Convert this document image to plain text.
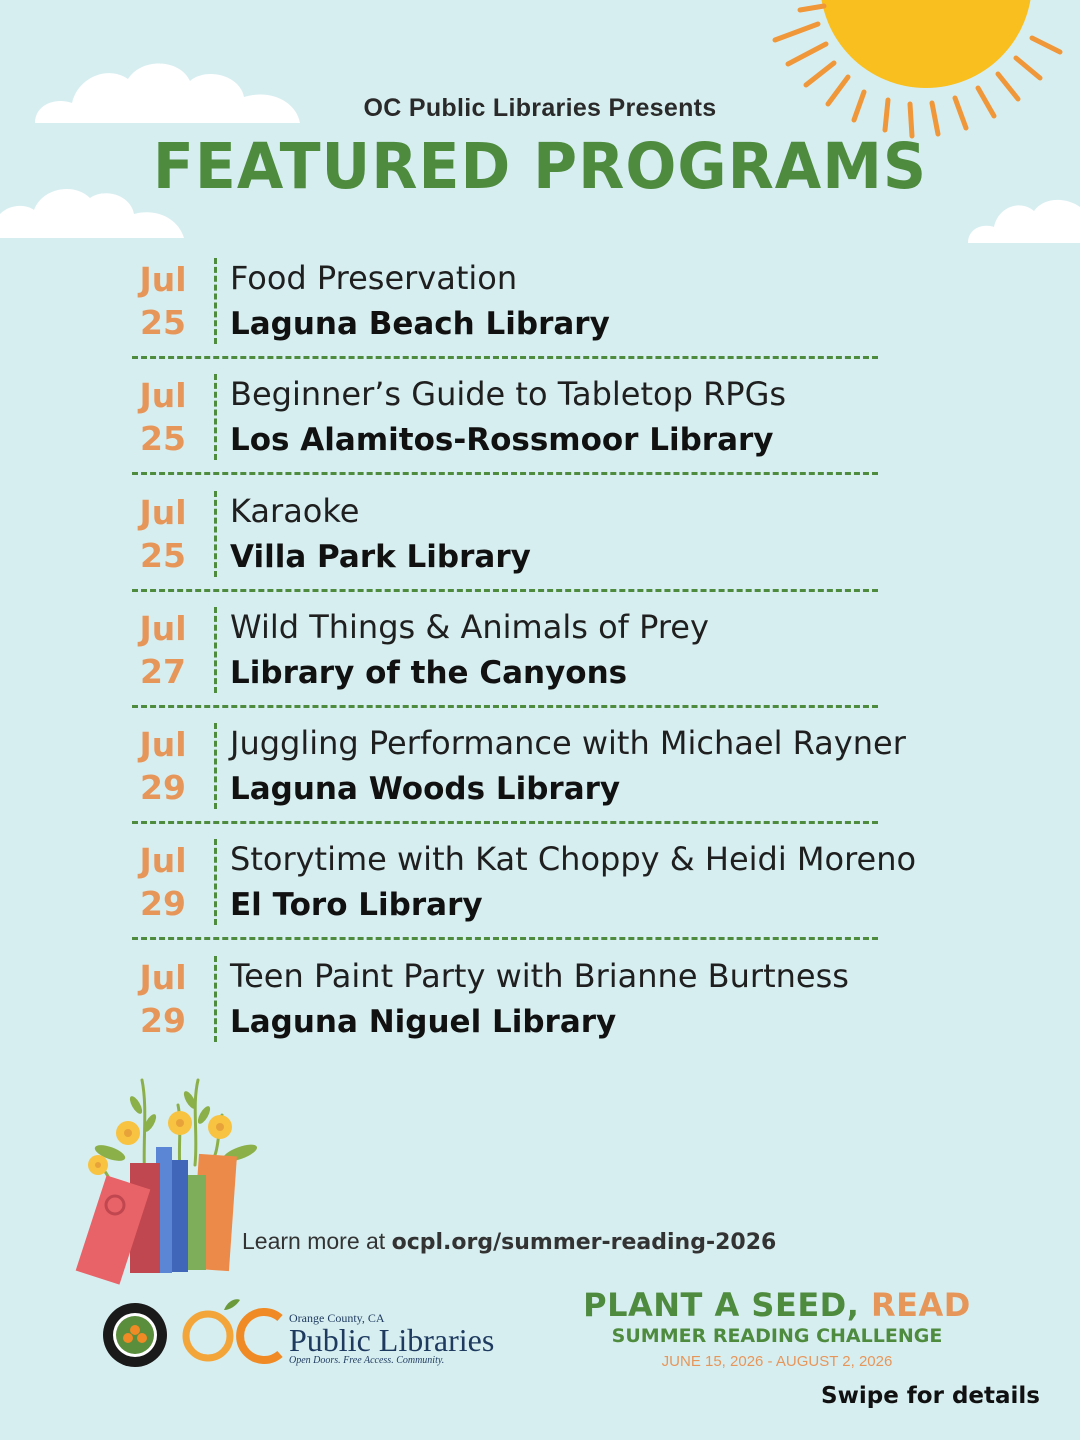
OC Public Libraries Presents
FEATURED PROGRAMS
Jul
25
Food Preservation
Laguna Beach Library
Jul
25
Beginner’s Guide to Tabletop RPGs
Los Alamitos-Rossmoor Library
Jul
25
Karaoke
Villa Park Library
Jul
27
Wild Things & Animals of Prey
Library of the Canyons
Jul
29
Juggling Performance with Michael Rayner
Laguna Woods Library
Jul
29
Storytime with Kat Choppy & Heidi Moreno
El Toro Library
Jul
29
Teen Paint Party with Brianne Burtness
Laguna Niguel Library
Learn more at ocpl.org/summer-reading-2026
Orange County, CA
Public Libraries
Open Doors. Free Access. Community.
PLANT A SEED, READ
SUMMER READING CHALLENGE
JUNE 15, 2026 - AUGUST 2, 2026
Swipe for details
